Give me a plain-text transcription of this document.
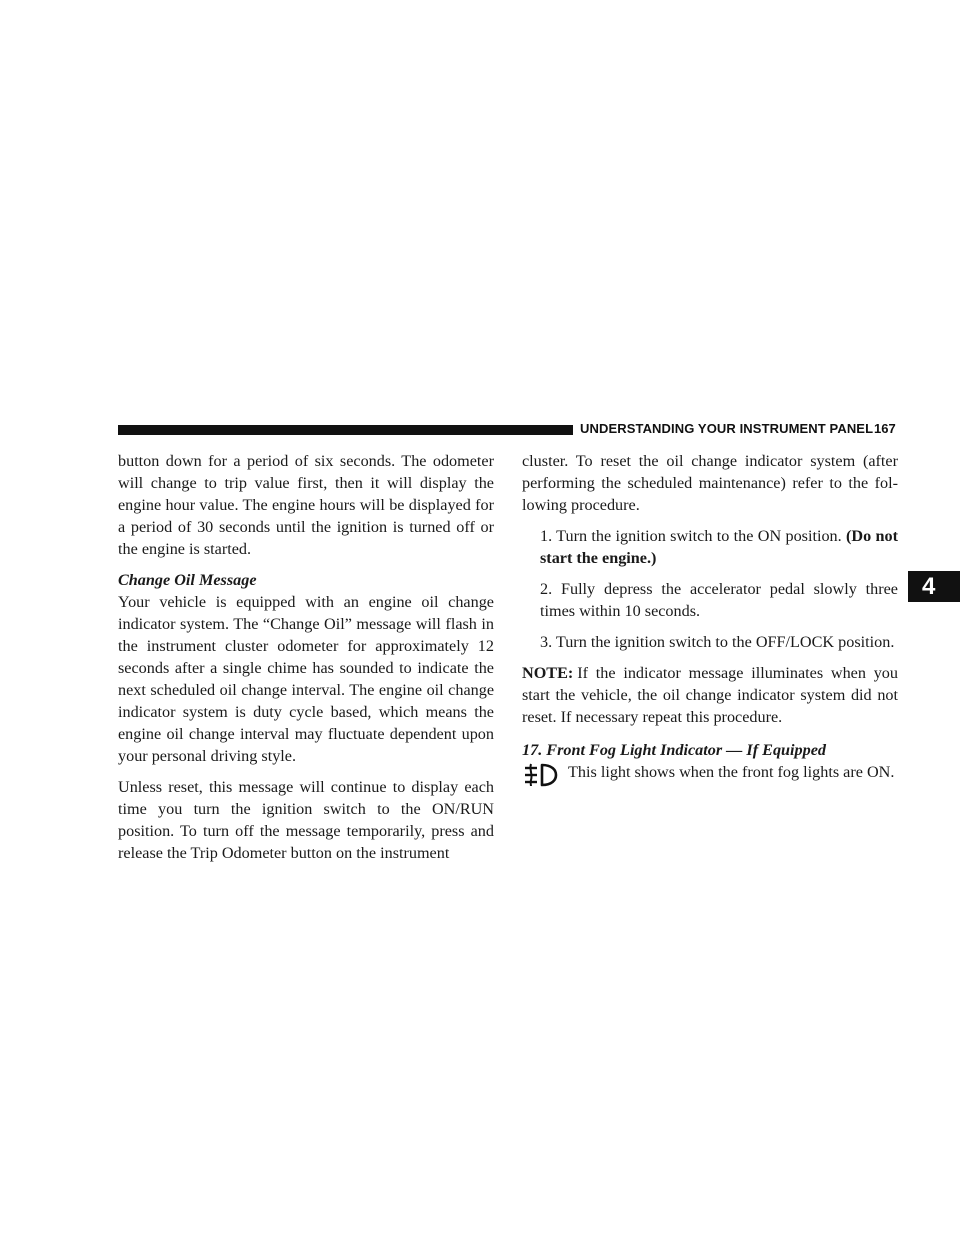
UNDERSTANDING YOUR INSTRUMENT PANEL 167
4

button down for a period of six seconds. The odometer will change to trip value first, then it will display the engine hour value. The engine hours will be displayed for a period of 30 seconds until the ignition is turned off or the engine is started.

Change Oil Message

Your vehicle is equipped with an engine oil change indicator system. The “Change Oil” message will flash in the instrument cluster odometer for approximately 12 seconds after a single chime has sounded to indicate the next scheduled oil change interval. The engine oil change indicator system is duty cycle based, which means the engine oil change interval may fluctuate dependent upon your personal driving style.

Unless reset, this message will continue to display each time you turn the ignition switch to the ON/RUN position. To turn off the message temporarily, press and release the Trip Odometer button on the instrument

cluster. To reset the oil change indicator system (after performing the scheduled maintenance) refer to the fol-lowing procedure.

1. Turn the ignition switch to the ON position. (Do not start the engine.)

2. Fully depress the accelerator pedal slowly three times within 10 seconds.

3. Turn the ignition switch to the OFF/LOCK position.

NOTE: If the indicator message illuminates when you start the vehicle, the oil change indicator system did not reset. If necessary repeat this procedure.

17. Front Fog Light Indicator — If Equipped

This light shows when the front fog lights are ON.
